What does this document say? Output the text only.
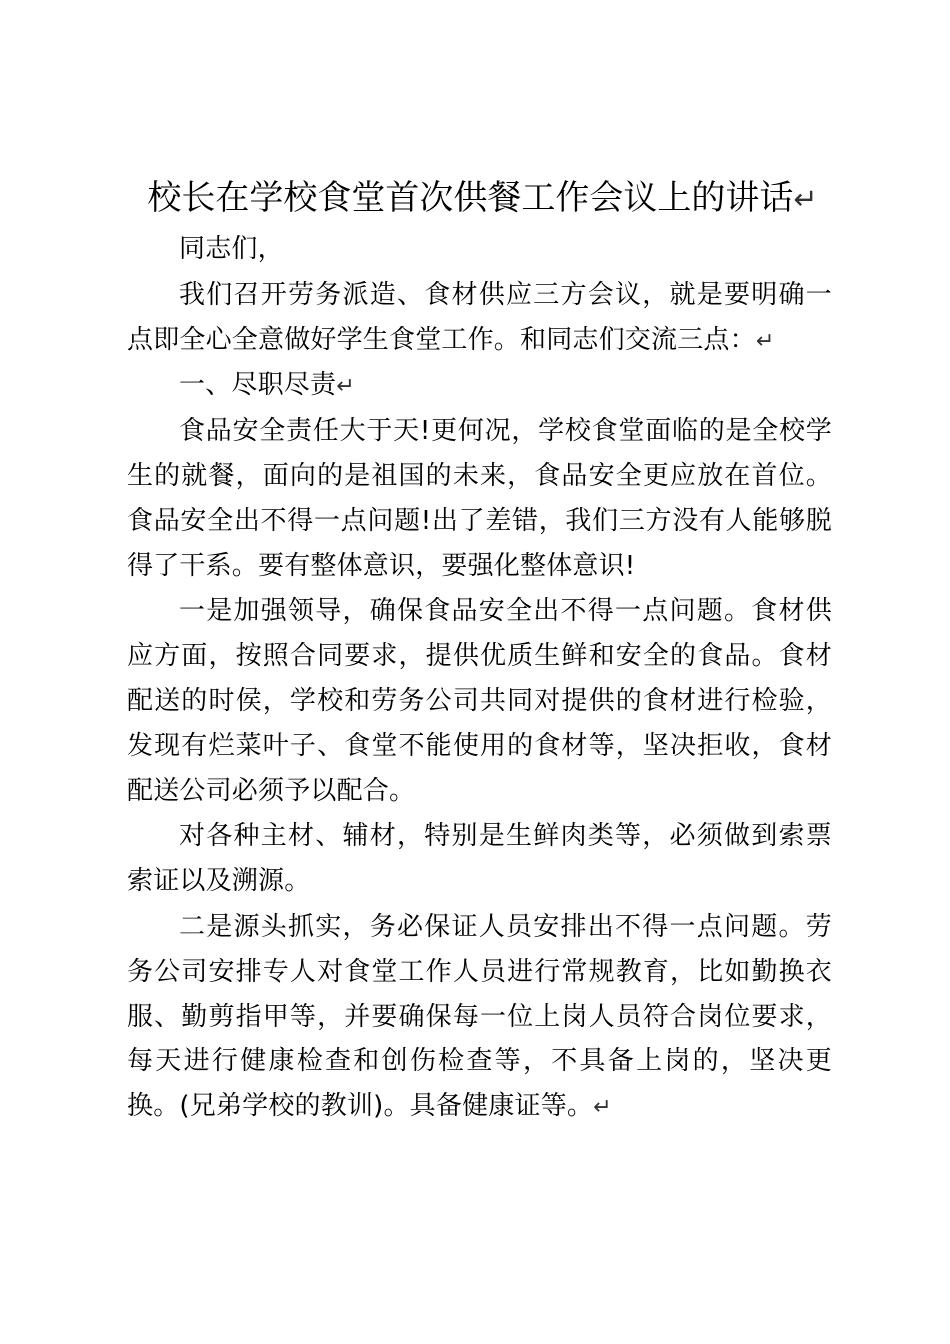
校长在学校食堂首次供餐工作会议上的讲话↵

同志们，

我们召开劳务派造、食材供应三方会议，就是要明确一点即全心全意做好学生食堂工作。和同志们交流三点：↵

一、尽职尽责↵

食品安全责任大于天!更何况，学校食堂面临的是全校学生的就餐，面向的是祖国的未来，食品安全更应放在首位。食品安全出不得一点问题!出了差错，我们三方没有人能够脱得了干系。要有整体意识，要强化整体意识!

一是加强领导，确保食品安全出不得一点问题。食材供应方面，按照合同要求，提供优质生鲜和安全的食品。食材配送的时侯，学校和劳务公司共同对提供的食材进行检验，发现有烂菜叶子、食堂不能使用的食材等，坚决拒收，食材配送公司必须予以配合。

对各种主材、辅材，特别是生鲜肉类等，必须做到索票索证以及溯源。

二是源头抓实，务必保证人员安排出不得一点问题。劳务公司安排专人对食堂工作人员进行常规教育，比如勤换衣服、勤剪指甲等，并要确保每一位上岗人员符合岗位要求，每天进行健康检查和创伤检查等，不具备上岗的，坚决更换。(兄弟学校的教训)。具备健康证等。↵
